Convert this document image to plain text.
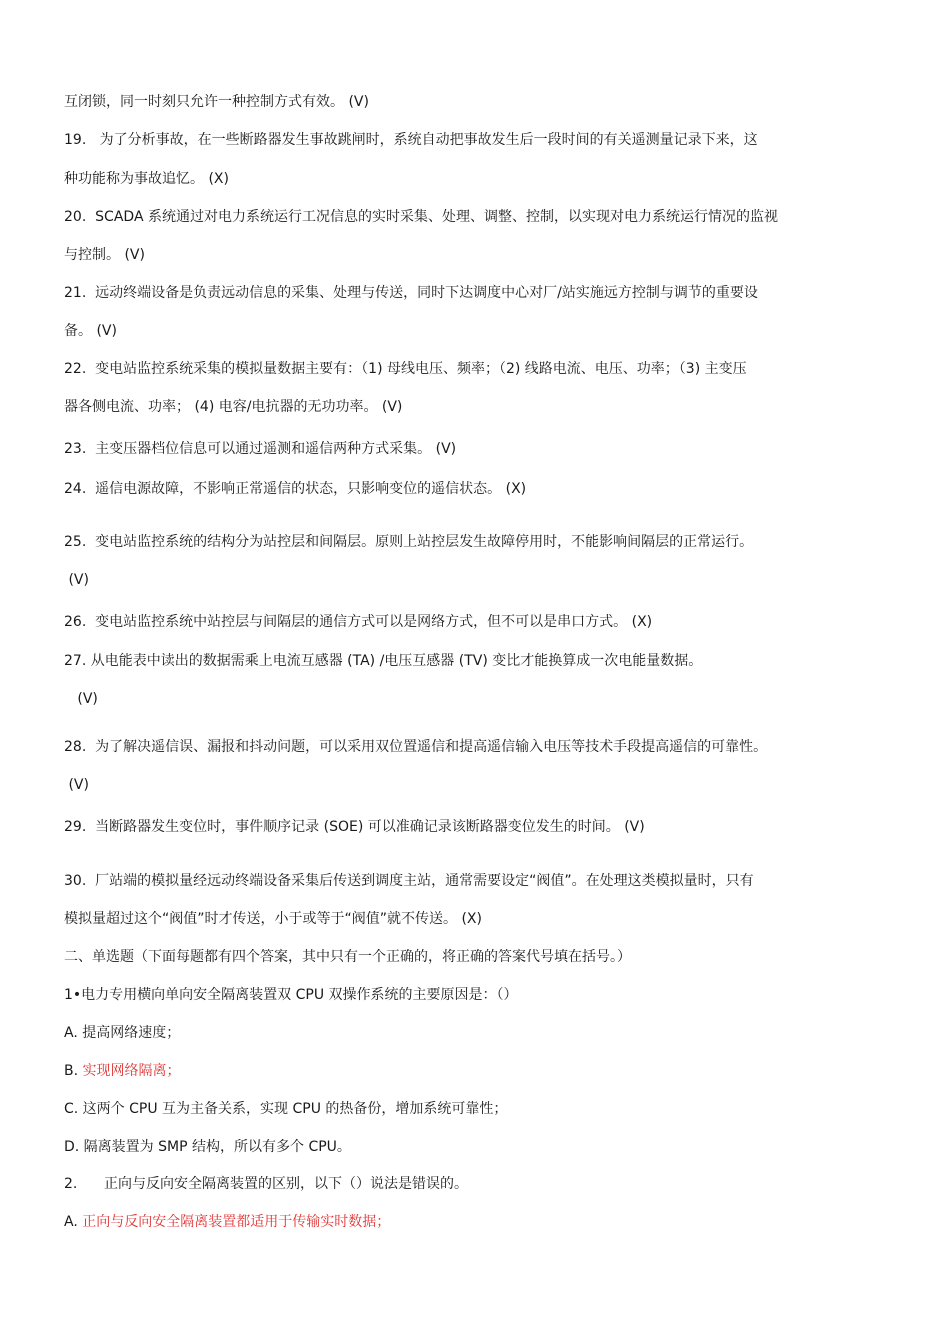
互闭锁，同一时刻只允许一种控制方式有效。 (V)
19.   为了分析事故，在一些断路器发生事故跳闸时，系统自动把事故发生后一段时间的有关遥测量记录下来，这
种功能称为事故追忆。 (X)
20.  SCADA 系统通过对电力系统运行工况信息的实时采集、处理、调整、控制，以实现对电力系统运行情况的监视
与控制。 (V)
21.  远动终端设备是负责远动信息的采集、处理与传送，同时下达调度中心对厂/站实施远方控制与调节的重要设
备。 (V)
22.  变电站监控系统采集的模拟量数据主要有：（1) 母线电压、频率；（2) 线路电流、电压、功率；（3) 主变压
器各侧电流、功率； (4) 电容/电抗器的无功功率。 (V)
23.  主变压器档位信息可以通过遥测和遥信两种方式采集。 (V)
24.  遥信电源故障，不影响正常遥信的状态，只影响变位的遥信状态。 (X)
25.  变电站监控系统的结构分为站控层和间隔层。原则上站控层发生故障停用时，不能影响间隔层的正常运行。
(V)
26.  变电站监控系统中站控层与间隔层的通信方式可以是网络方式，但不可以是串口方式。 (X)
27. 从电能表中读出的数据需乘上电流互感器 (TA) /电压互感器 (TV) 变比才能换算成一次电能量数据。
(V)
28.  为了解决遥信误、漏报和抖动问题，可以采用双位置遥信和提高遥信输入电压等技术手段提高遥信的可靠性。
(V)
29.  当断路器发生变位时，事件顺序记录 (SOE) 可以准确记录该断路器变位发生的时间。 (V)
30.  厂站端的模拟量经远动终端设备采集后传送到调度主站，通常需要设定“阀值”。在处理这类模拟量时，只有
模拟量超过这个“阀值”时才传送，小于或等于“阀值”就不传送。 (X)
二、单选题（下面每题都有四个答案，其中只有一个正确的，将正确的答案代号填在括号。）
1•电力专用横向单向安全隔离装置双 CPU 双操作系统的主要原因是：（）
A. 提高网络速度；
B. 实现网络隔离；
C. 这两个 CPU 互为主备关系，实现 CPU 的热备份，增加系统可靠性；
D. 隔离装置为 SMP 结构，所以有多个 CPU。
2.      正向与反向安全隔离装置的区别，以下（）说法是错误的。
A. 正向与反向安全隔离装置都适用于传输实时数据；
